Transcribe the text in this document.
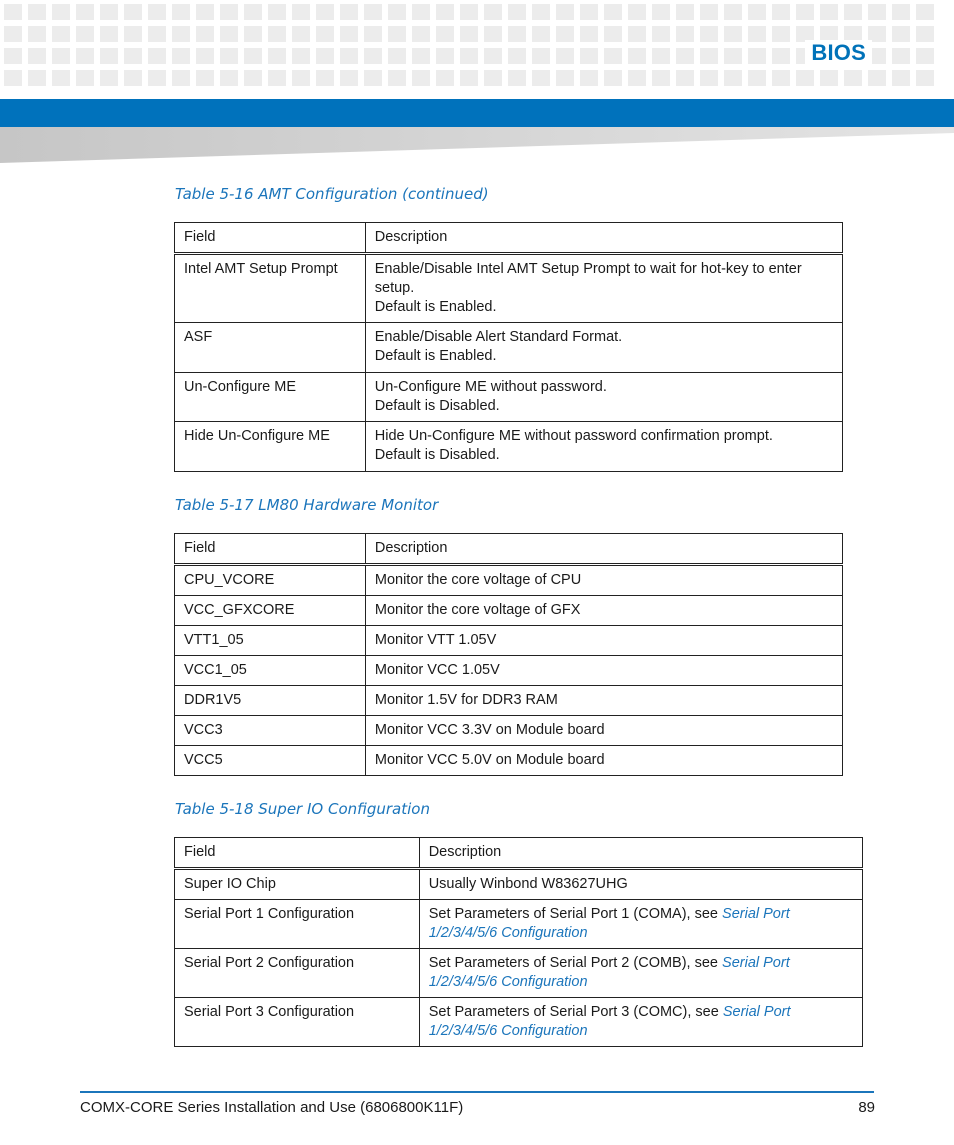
BIOS
Table 5-16 AMT Configuration (continued)
Field	Description
Intel AMT Setup Prompt	Enable/Disable Intel AMT Setup Prompt to wait for hot-key to enter setup.
Default is Enabled.

ASF	Enable/Disable Alert Standard Format.
Default is Enabled.

Un-Configure ME	Un-Configure ME without password.
Default is Disabled.

Hide Un-Configure ME	Hide Un-Configure ME without password confirmation prompt.
Default is Disabled.
Table 5-17 LM80 Hardware Monitor
Field	Description
CPU_VCORE	Monitor the core voltage of CPU
VCC_GFXCORE	Monitor the core voltage of GFX
VTT1_05	Monitor VTT 1.05V
VCC1_05	Monitor VCC 1.05V
DDR1V5	Monitor 1.5V for DDR3 RAM
VCC3	Monitor VCC 3.3V on Module board
VCC5	Monitor VCC 5.0V on Module board
Table 5-18 Super IO Configuration
Field	Description
Super IO Chip	Usually Winbond W83627UHG
Serial Port 1 Configuration	Set Parameters of Serial Port 1 (COMA), see Serial Port 1/2/3/4/5/6 Configuration
Serial Port 2 Configuration	Set Parameters of Serial Port 2 (COMB), see Serial Port 1/2/3/4/5/6 Configuration
Serial Port 3 Configuration	Set Parameters of Serial Port 3 (COMC), see Serial Port 1/2/3/4/5/6 Configuration

COMX-CORE Series Installation and Use (6806800K11F)	89
